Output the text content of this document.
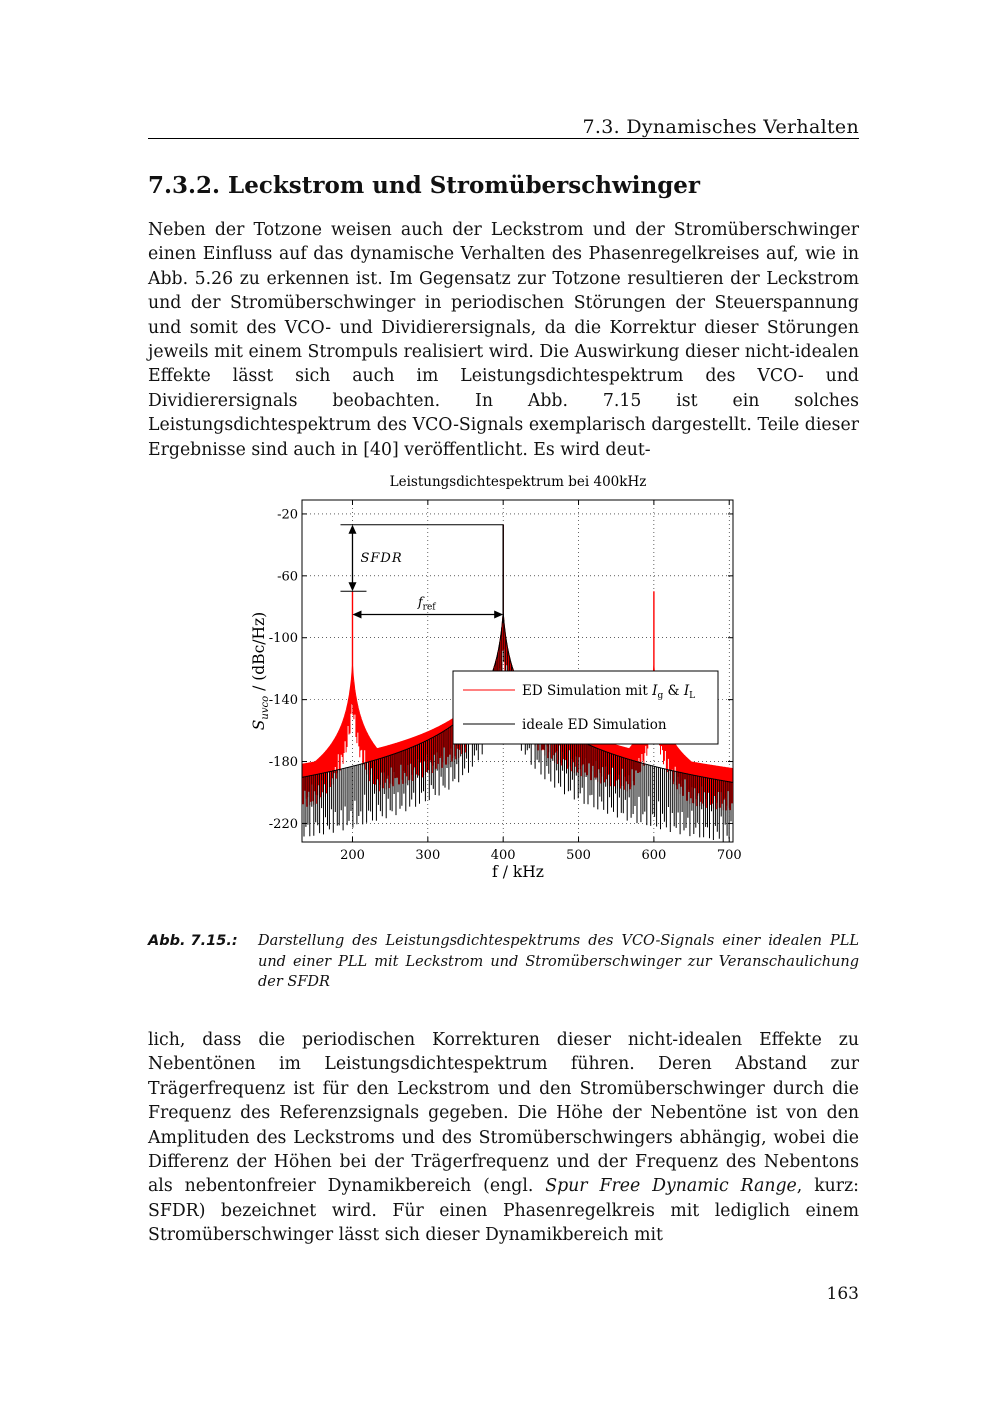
7.3. Dynamisches Verhalten
7.3.2. Leckstrom und Stromüberschwinger

Neben der Totzone weisen auch der Leckstrom und der Stromüberschwinger einen Einfluss auf das dynamische Verhalten des Phasenregelkreises auf, wie in Abb. 5.26 zu erkennen ist. Im Gegensatz zur Totzone resultieren der Leckstrom und der Stromüberschwinger in periodischen Störungen der Steuerspannung und somit des VCO- und Dividierersignals, da die Korrektur dieser Störungen jeweils mit einem Strompuls realisiert wird. Die Auswirkung dieser nicht-idealen Effekte lässt sich auch im Leistungsdichtespektrum des VCO- und Dividierersignals beobachten. In Abb. 7.15 ist ein solches Leistungsdichtespektrum des VCO-Signals exemplarisch dargestellt. Teile dieser Ergebnisse sind auch in [40] veröffentlicht. Es wird deut-

Leistungsdichtespektrum bei 400kHz
200	300	400	500	600	700
-20
-60
-100
-140
-180
-220
SFDR
$f_{ref}$
ED Simulation mit $I_g$ & $I_L$
ideale ED Simulation
f / kHz
$S_{uvco} / (dBc/Hz)$
Abb. 7.15.: Darstellung des Leistungsdichtespektrums des VCO-Signals einer idealen PLL und einer PLL mit Leckstrom und Stromüberschwinger zur Veranschaulichung der SFDR

lich, dass die periodischen Korrekturen dieser nicht-idealen Effekte zu Nebentönen im Leistungsdichtespektrum führen. Deren Abstand zur Trägerfrequenz ist für den Leckstrom und den Stromüberschwinger durch die Frequenz des Referenzsignals gegeben. Die Höhe der Nebentöne ist von den Amplituden des Leckstroms und des Stromüberschwingers abhängig, wobei die Differenz der Höhen bei der Trägerfrequenz und der Frequenz des Nebentons als nebentonfreier Dynamikbereich (engl. Spur Free Dynamic Range, kurz: SFDR) bezeichnet wird. Für einen Phasenregelkreis mit lediglich einem Stromüberschwinger lässt sich dieser Dynamikbereich mit

163
